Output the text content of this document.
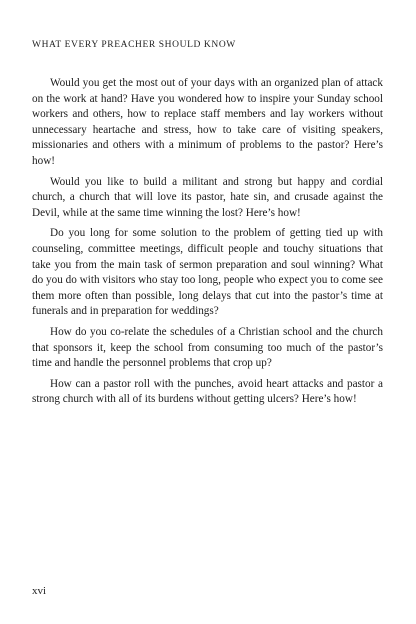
WHAT EVERY PREACHER SHOULD KNOW

Would you get the most out of your days with an organized plan of attack on the work at hand? Have you wondered how to inspire your Sunday school workers and others, how to replace staff members and lay workers without unnecessary heartache and stress, how to take care of visiting speakers, missionaries and others with a minimum of problems to the pastor? Here’s how!

Would you like to build a militant and strong but happy and cordial church, a church that will love its pastor, hate sin, and crusade against the Devil, while at the same time winning the lost? Here’s how!

Do you long for some solution to the problem of getting tied up with counseling, committee meetings, difficult people and touchy situations that take you from the main task of sermon preparation and soul winning? What do you do with visitors who stay too long, people who expect you to come see them more often than possible, long delays that cut into the pastor’s time at funerals and in preparation for weddings?

How do you co-relate the schedules of a Christian school and the church that sponsors it, keep the school from consuming too much of the pastor’s time and handle the personnel problems that crop up?

How can a pastor roll with the punches, avoid heart attacks and pastor a strong church with all of its burdens without getting ulcers? Here’s how!

xvi
